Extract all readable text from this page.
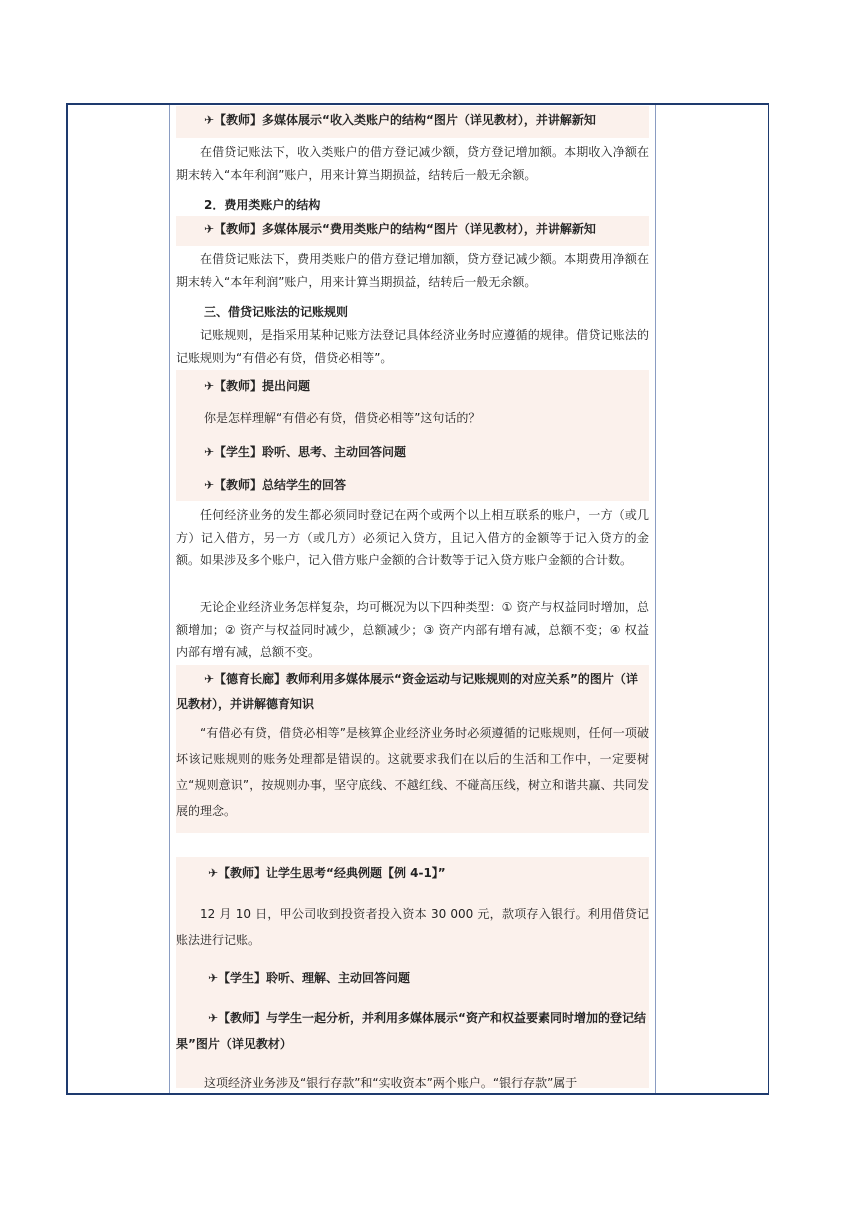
✈【教师】多媒体展示“收入类账户的结构“图片（详见教材），并讲解新知
在借贷记账法下，收入类账户的借方登记减少额，贷方登记增加额。本期收入净额在期末转入“本年利润”账户，用来计算当期损益，结转后一般无余额。
2．费用类账户的结构
✈【教师】多媒体展示“费用类账户的结构“图片（详见教材），并讲解新知
在借贷记账法下，费用类账户的借方登记增加额，贷方登记减少额。本期费用净额在期末转入“本年利润”账户，用来计算当期损益，结转后一般无余额。
三、借贷记账法的记账规则
记账规则，是指采用某种记账方法登记具体经济业务时应遵循的规律。借贷记账法的记账规则为“有借必有贷，借贷必相等”。
✈【教师】提出问题
你是怎样理解“有借必有贷，借贷必相等”这句话的？
✈【学生】聆听、思考、主动回答问题
✈【教师】总结学生的回答
任何经济业务的发生都必须同时登记在两个或两个以上相互联系的账户，一方（或几方）记入借方，另一方（或几方）必须记入贷方，且记入借方的金额等于记入贷方的金额。如果涉及多个账户，记入借方账户金额的合计数等于记入贷方账户金额的合计数。
无论企业经济业务怎样复杂，均可概况为以下四种类型：① 资产与权益同时增加，总额增加；② 资产与权益同时减少，总额减少；③ 资产内部有增有减，总额不变；④ 权益内部有增有减，总额不变。
✈【德育长廊】教师利用多媒体展示“资金运动与记账规则的对应关系”的图片（详见教材），并讲解德育知识
“有借必有贷，借贷必相等”是核算企业经济业务时必须遵循的记账规则，任何一项破坏该记账规则的账务处理都是错误的。这就要求我们在以后的生活和工作中，一定要树立“规则意识”，按规则办事，坚守底线、不越红线、不碰高压线，树立和谐共赢、共同发展的理念。
✈【教师】让学生思考“经典例题【例 4-1】”
12 月 10 日，甲公司收到投资者投入资本 30 000 元，款项存入银行。利用借贷记账法进行记账。
✈【学生】聆听、理解、主动回答问题
✈【教师】与学生一起分析，并利用多媒体展示“资产和权益要素同时增加的登记结果”图片（详见教材）
这项经济业务涉及“银行存款”和“实收资本”两个账户。“银行存款”属于
